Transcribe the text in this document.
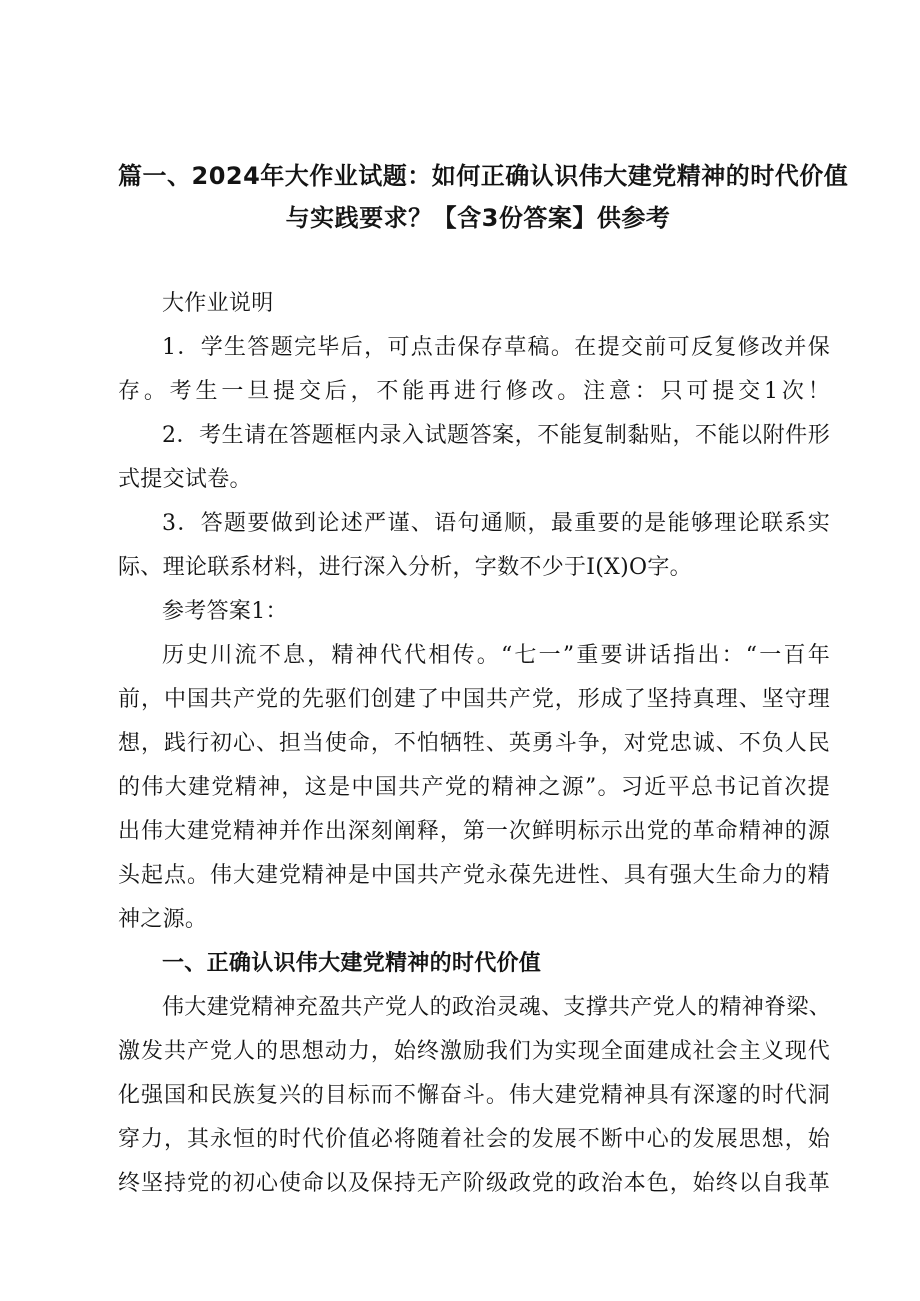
篇一、2024年大作业试题：如何正确认识伟大建党精神的时代价值
与实践要求？【含3份答案】供参考
大作业说明
1．学生答题完毕后，可点击保存草稿。在提交前可反复修改并保
存。考生一旦提交后，不能再进行修改。注意：只可提交1次！
2．考生请在答题框内录入试题答案，不能复制黏贴，不能以附件形
式提交试卷。
3．答题要做到论述严谨、语句通顺，最重要的是能够理论联系实
际、理论联系材料，进行深入分析，字数不少于I(X)O字。
参考答案1：
历史川流不息，精神代代相传。“七一”重要讲话指出：“一百年
前，中国共产党的先驱们创建了中国共产党，形成了坚持真理、坚守理
想，践行初心、担当使命，不怕牺牲、英勇斗争，对党忠诚、不负人民
的伟大建党精神，这是中国共产党的精神之源”。习近平总书记首次提
出伟大建党精神并作出深刻阐释，第一次鲜明标示出党的革命精神的源
头起点。伟大建党精神是中国共产党永葆先进性、具有强大生命力的精
神之源。
一、正确认识伟大建党精神的时代价值
伟大建党精神充盈共产党人的政治灵魂、支撑共产党人的精神脊梁、
激发共产党人的思想动力，始终激励我们为实现全面建成社会主义现代
化强国和民族复兴的目标而不懈奋斗。伟大建党精神具有深邃的时代洞
穿力，其永恒的时代价值必将随着社会的发展不断中心的发展思想，始
终坚持党的初心使命以及保持无产阶级政党的政治本色，始终以自我革
